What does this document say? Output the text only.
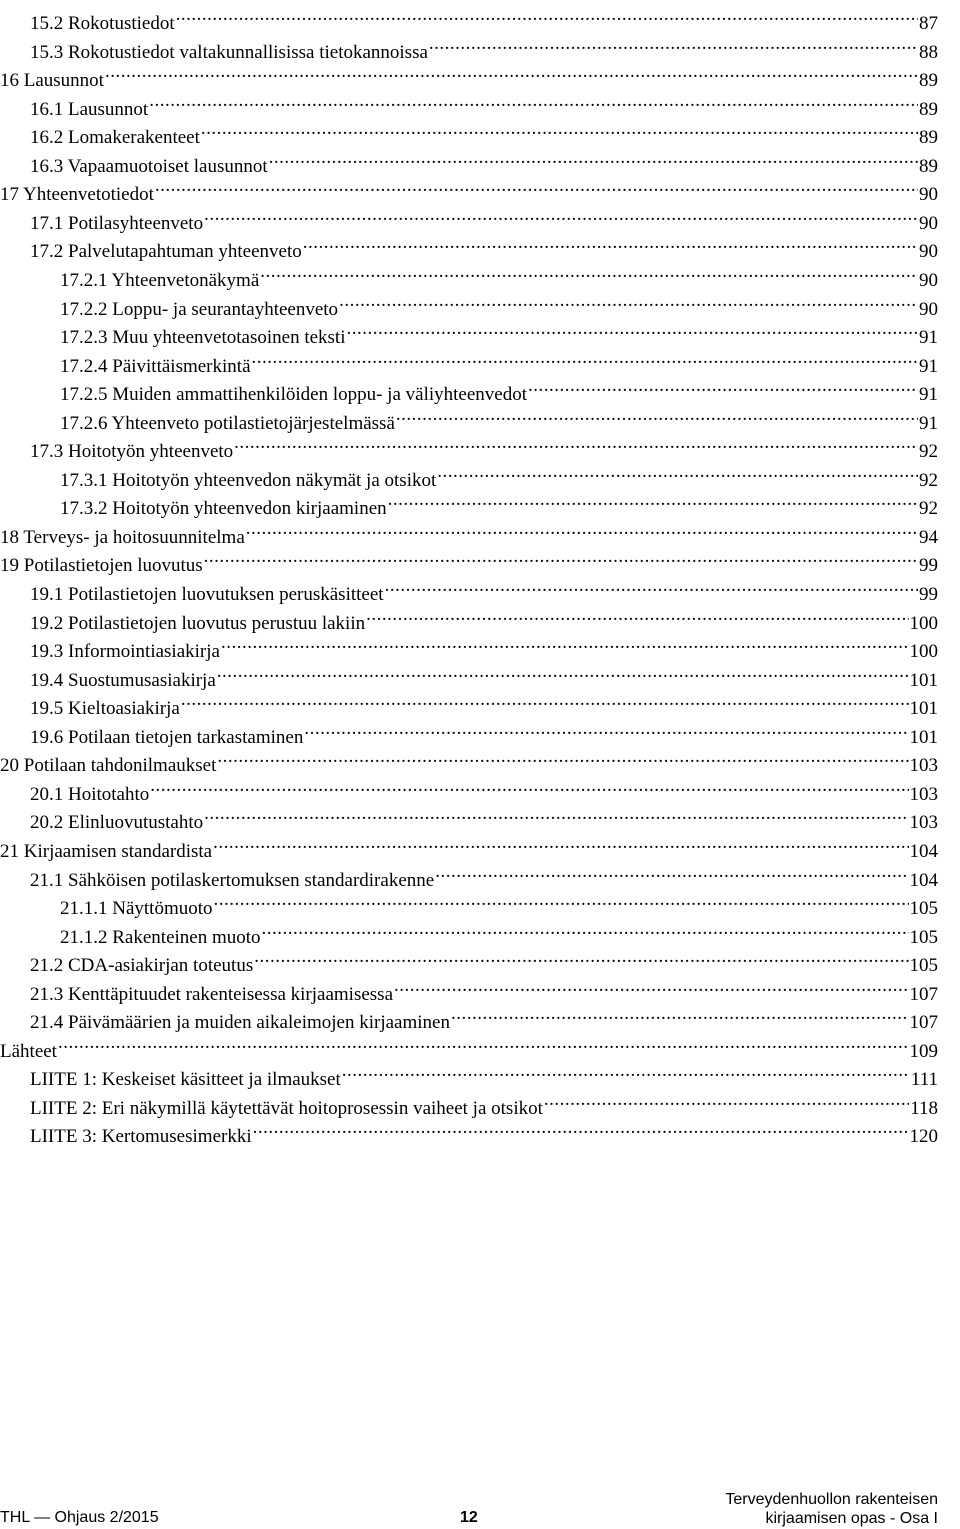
15.2 Rokotustiedot .....	87
15.3 Rokotustiedot valtakunnallisissa tietokannoissa .....	88
16 Lausunnot .....	89
16.1 Lausunnot .....	89
16.2 Lomakerakenteet .....	89
16.3 Vapaamuotoiset lausunnot .....	89
17 Yhteenvetotiedot .....	90
17.1 Potilasyhteenveto .....	90
17.2 Palvelutapahtuman yhteenveto .....	90
17.2.1 Yhteenvetonäkymä .....	90
17.2.2 Loppu- ja seurantayhteenveto .....	90
17.2.3 Muu yhteenvetotasoinen teksti .....	91
17.2.4 Päivittäismerkintä .....	91
17.2.5 Muiden ammattihenkilöiden loppu- ja väliyhteenvedot .....	91
17.2.6 Yhteenveto potilastietojärjestelmässä .....	91
17.3 Hoitotyön yhteenveto .....	92
17.3.1 Hoitotyön yhteenvedon näkymät ja otsikot .....	92
17.3.2 Hoitotyön yhteenvedon kirjaaminen .....	92
18 Terveys- ja hoitosuunnitelma .....	94
19 Potilastietojen luovutus .....	99
19.1 Potilastietojen luovutuksen peruskäsitteet .....	99
19.2 Potilastietojen luovutus perustuu lakiin .....	100
19.3 Informointiasiakirja .....	100
19.4 Suostumusasiakirja .....	101
19.5 Kieltoasiakirja .....	101
19.6 Potilaan tietojen tarkastaminen .....	101
20 Potilaan tahdonilmaukset .....	103
20.1 Hoitotahto .....	103
20.2 Elinluovutustahto .....	103
21 Kirjaamisen standardista .....	104
21.1 Sähköisen potilaskertomuksen standardirakenne .....	104
21.1.1 Näyttömuoto .....	105
21.1.2 Rakenteinen muoto .....	105
21.2 CDA-asiakirjan toteutus .....	105
21.3 Kenttäpituudet rakenteisessa kirjaamisessa .....	107
21.4 Päivämäärien ja muiden aikaleimojen kirjaaminen .....	107
Lähteet .....	109
LIITE 1: Keskeiset käsitteet ja ilmaukset .....	111
LIITE 2: Eri näkymillä käytettävät hoitoprosessin vaiheet ja otsikot .....	118
LIITE 3: Kertomusesimerkki .....	120
THL — Ohjaus 2/2015	12
Terveydenhuollon rakenteisen
kirjaamisen opas - Osa I
